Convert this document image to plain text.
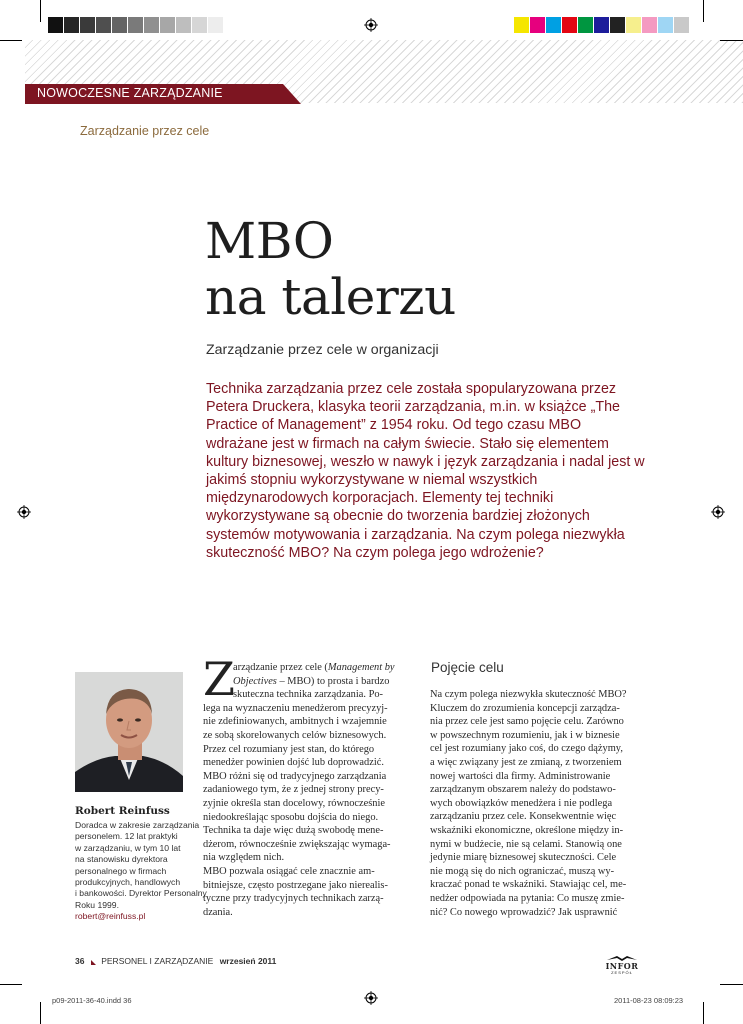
NOWOCZESNE ZARZĄDZANIE
Zarządzanie przez cele
MBO
na talerzu
Zarządzanie przez cele w organizacji

Technika zarządzania przez cele została spopularyzowana przez Petera Druckera, klasyka teorii zarządzania, m.in. w książce „The Practice of Management” z 1954 roku. Od tego czasu MBO wdrażane jest w firmach na całym świecie. Stało się elementem kultury biznesowej, weszło w nawyk i język zarządzania i nadal jest w jakimś stopniu wykorzystywane w niemal wszystkich międzynarodowych korporacjach. Elementy tej techniki wykorzystywane są obecnie do tworzenia bardziej złożonych systemów motywowania i zarządzania. Na czym polega niezwykła skuteczność MBO? Na czym polega jego wdrożenie?

Robert Reinfuss

Doradca w zakresie zarządzania
personelem. 12 lat praktyki
w zarządzaniu, w tym 10 lat
na stanowisku dyrektora
personalnego w firmach
produkcyjnych, handlowych
i bankowości. Dyrektor Personalny
Roku 1999.

robert@reinfuss.pl
Z
arządzanie przez cele (Management by
Objectives – MBO) to prosta i bardzo
skuteczna technika zarządzania. Po-
lega na wyznaczeniu menedżerom precyzyj-
nie zdefiniowanych, ambitnych i wzajemnie
ze sobą skorelowanych celów biznesowych.
Przez cel rozumiany jest stan, do którego
menedżer powinien dojść lub doprowadzić.
MBO różni się od tradycyjnego zarządzania
zadaniowego tym, że z jednej strony precy-
zyjnie określa stan docelowy, równocześnie
niedookreślając sposobu dojścia do niego.
Technika ta daje więc dużą swobodę mene-
dżerom, równocześnie zwiększając wymaga-
nia względem nich.
MBO pozwala osiągać cele znacznie am-
bitniejsze, często postrzegane jako nierealis-
tyczne przy tradycyjnych technikach zarzą-
dzania.
Pojęcie celu
Na czym polega niezwykła skuteczność MBO?
Kluczem do zrozumienia koncepcji zarządza-
nia przez cele jest samo pojęcie celu. Zarówno
w powszechnym rozumieniu, jak i w biznesie
cel jest rozumiany jako coś, do czego dążymy,
a więc związany jest ze zmianą, z tworzeniem
nowej wartości dla firmy. Administrowanie
zarządzanym obszarem należy do podstawo-
wych obowiązków menedżera i nie podlega
zarządzaniu przez cele. Konsekwentnie więc
wskaźniki ekonomiczne, określone między in-
nymi w budżecie, nie są celami. Stanowią one
jedynie miarę biznesowej skuteczności. Cele
nie mogą się do nich ograniczać, muszą wy-
kraczać ponad te wskaźniki. Stawiając cel, me-
nedżer odpowiada na pytania: Co muszę zmie-
nić? Co nowego wprowadzić? Jak usprawnić
36 PERSONEL I ZARZĄDZANIE wrzesień 2011	INFOR
ZESPÓŁ
p09-2011-36-40.indd 36	2011-08-23 08:09:23
